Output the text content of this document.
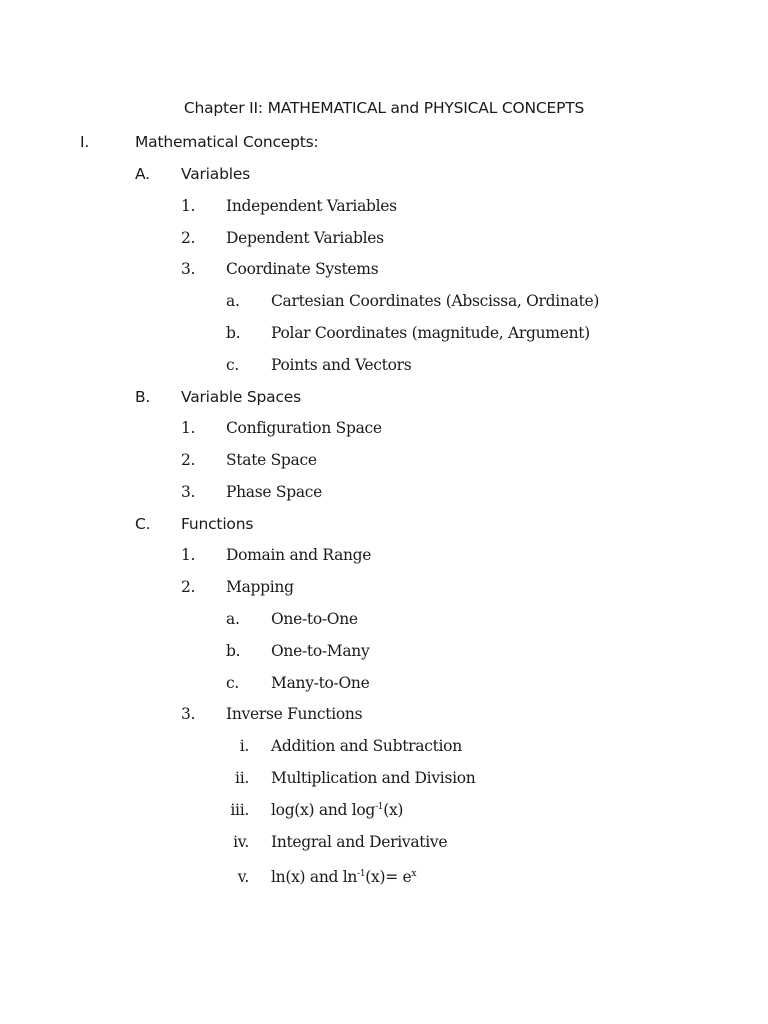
Chapter II: MATHEMATICAL and PHYSICAL CONCEPTS
I.	Mathematical Concepts:
A. Variables
1. Independent Variables
2. Dependent Variables
3. Coordinate Systems
a. Cartesian Coordinates (Abscissa, Ordinate)
b. Polar Coordinates (magnitude, Argument)
c. Points and Vectors
B. Variable Spaces
1. Configuration Space
2. State Space
3. Phase Space
C. Functions
1. Domain and Range
2. Mapping
a. One-to-One
b. One-to-Many
c. Many-to-One
3. Inverse Functions
i. Addition and Subtraction
ii. Multiplication and Division
iii. log(x) and $\log^{-1}(x)$
iv. Integral and Derivative
v. ln(x) and $\ln^{-1}(x)= e^x$
